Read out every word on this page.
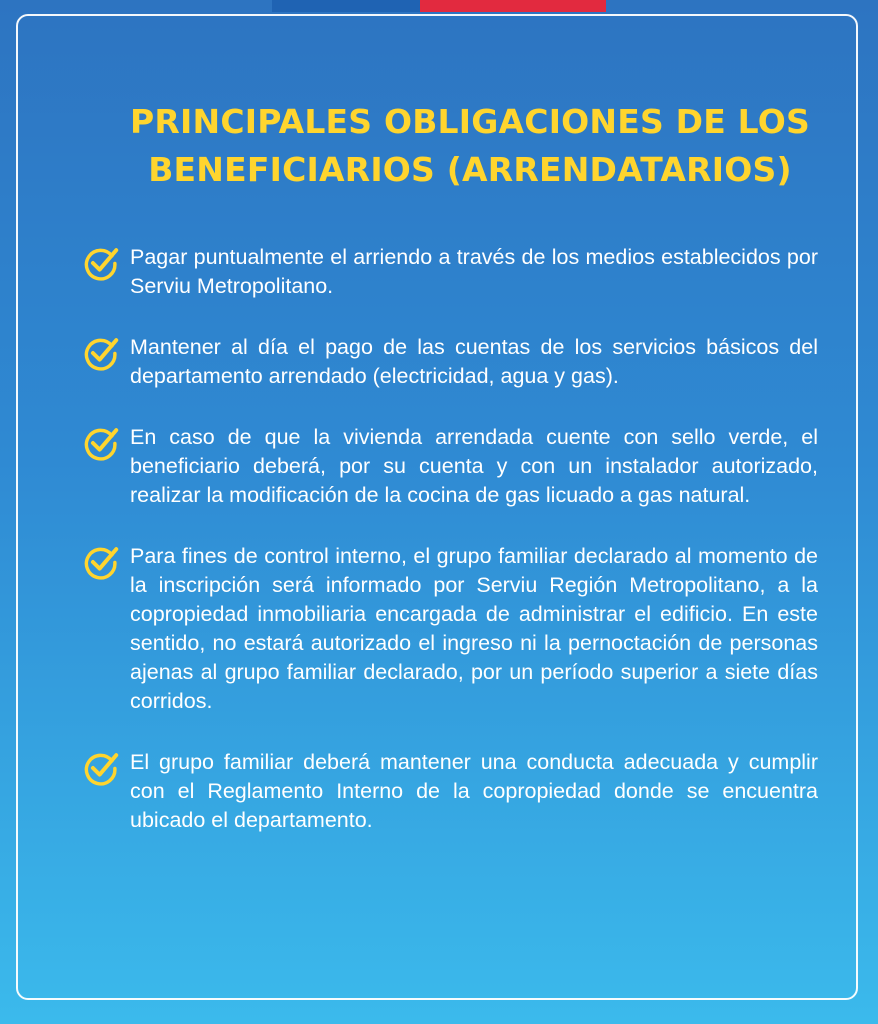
PRINCIPALES OBLIGACIONES DE LOS
BENEFICIARIOS (ARRENDATARIOS)
Pagar puntualmente el arriendo a través de los medios establecidos por Serviu Metropolitano.
Mantener al día el pago de las cuentas de los servicios básicos del departamento arrendado (electricidad, agua y gas).
En caso de que la vivienda arrendada cuente con sello verde, el beneficiario deberá, por su cuenta y con un instalador autorizado, realizar la modificación de la cocina de gas licuado a gas natural.
Para fines de control interno, el grupo familiar declarado al momento de la inscripción será informado por Serviu Región Metropolitano, a la copropiedad inmobiliaria encargada de administrar el edificio. En este sentido, no estará autorizado el ingreso ni la pernoctación de personas ajenas al grupo familiar declarado, por un período superior a siete días corridos.
El grupo familiar deberá mantener una conducta adecuada y cumplir con el Reglamento Interno de la copropiedad donde se encuentra ubicado el departamento.
